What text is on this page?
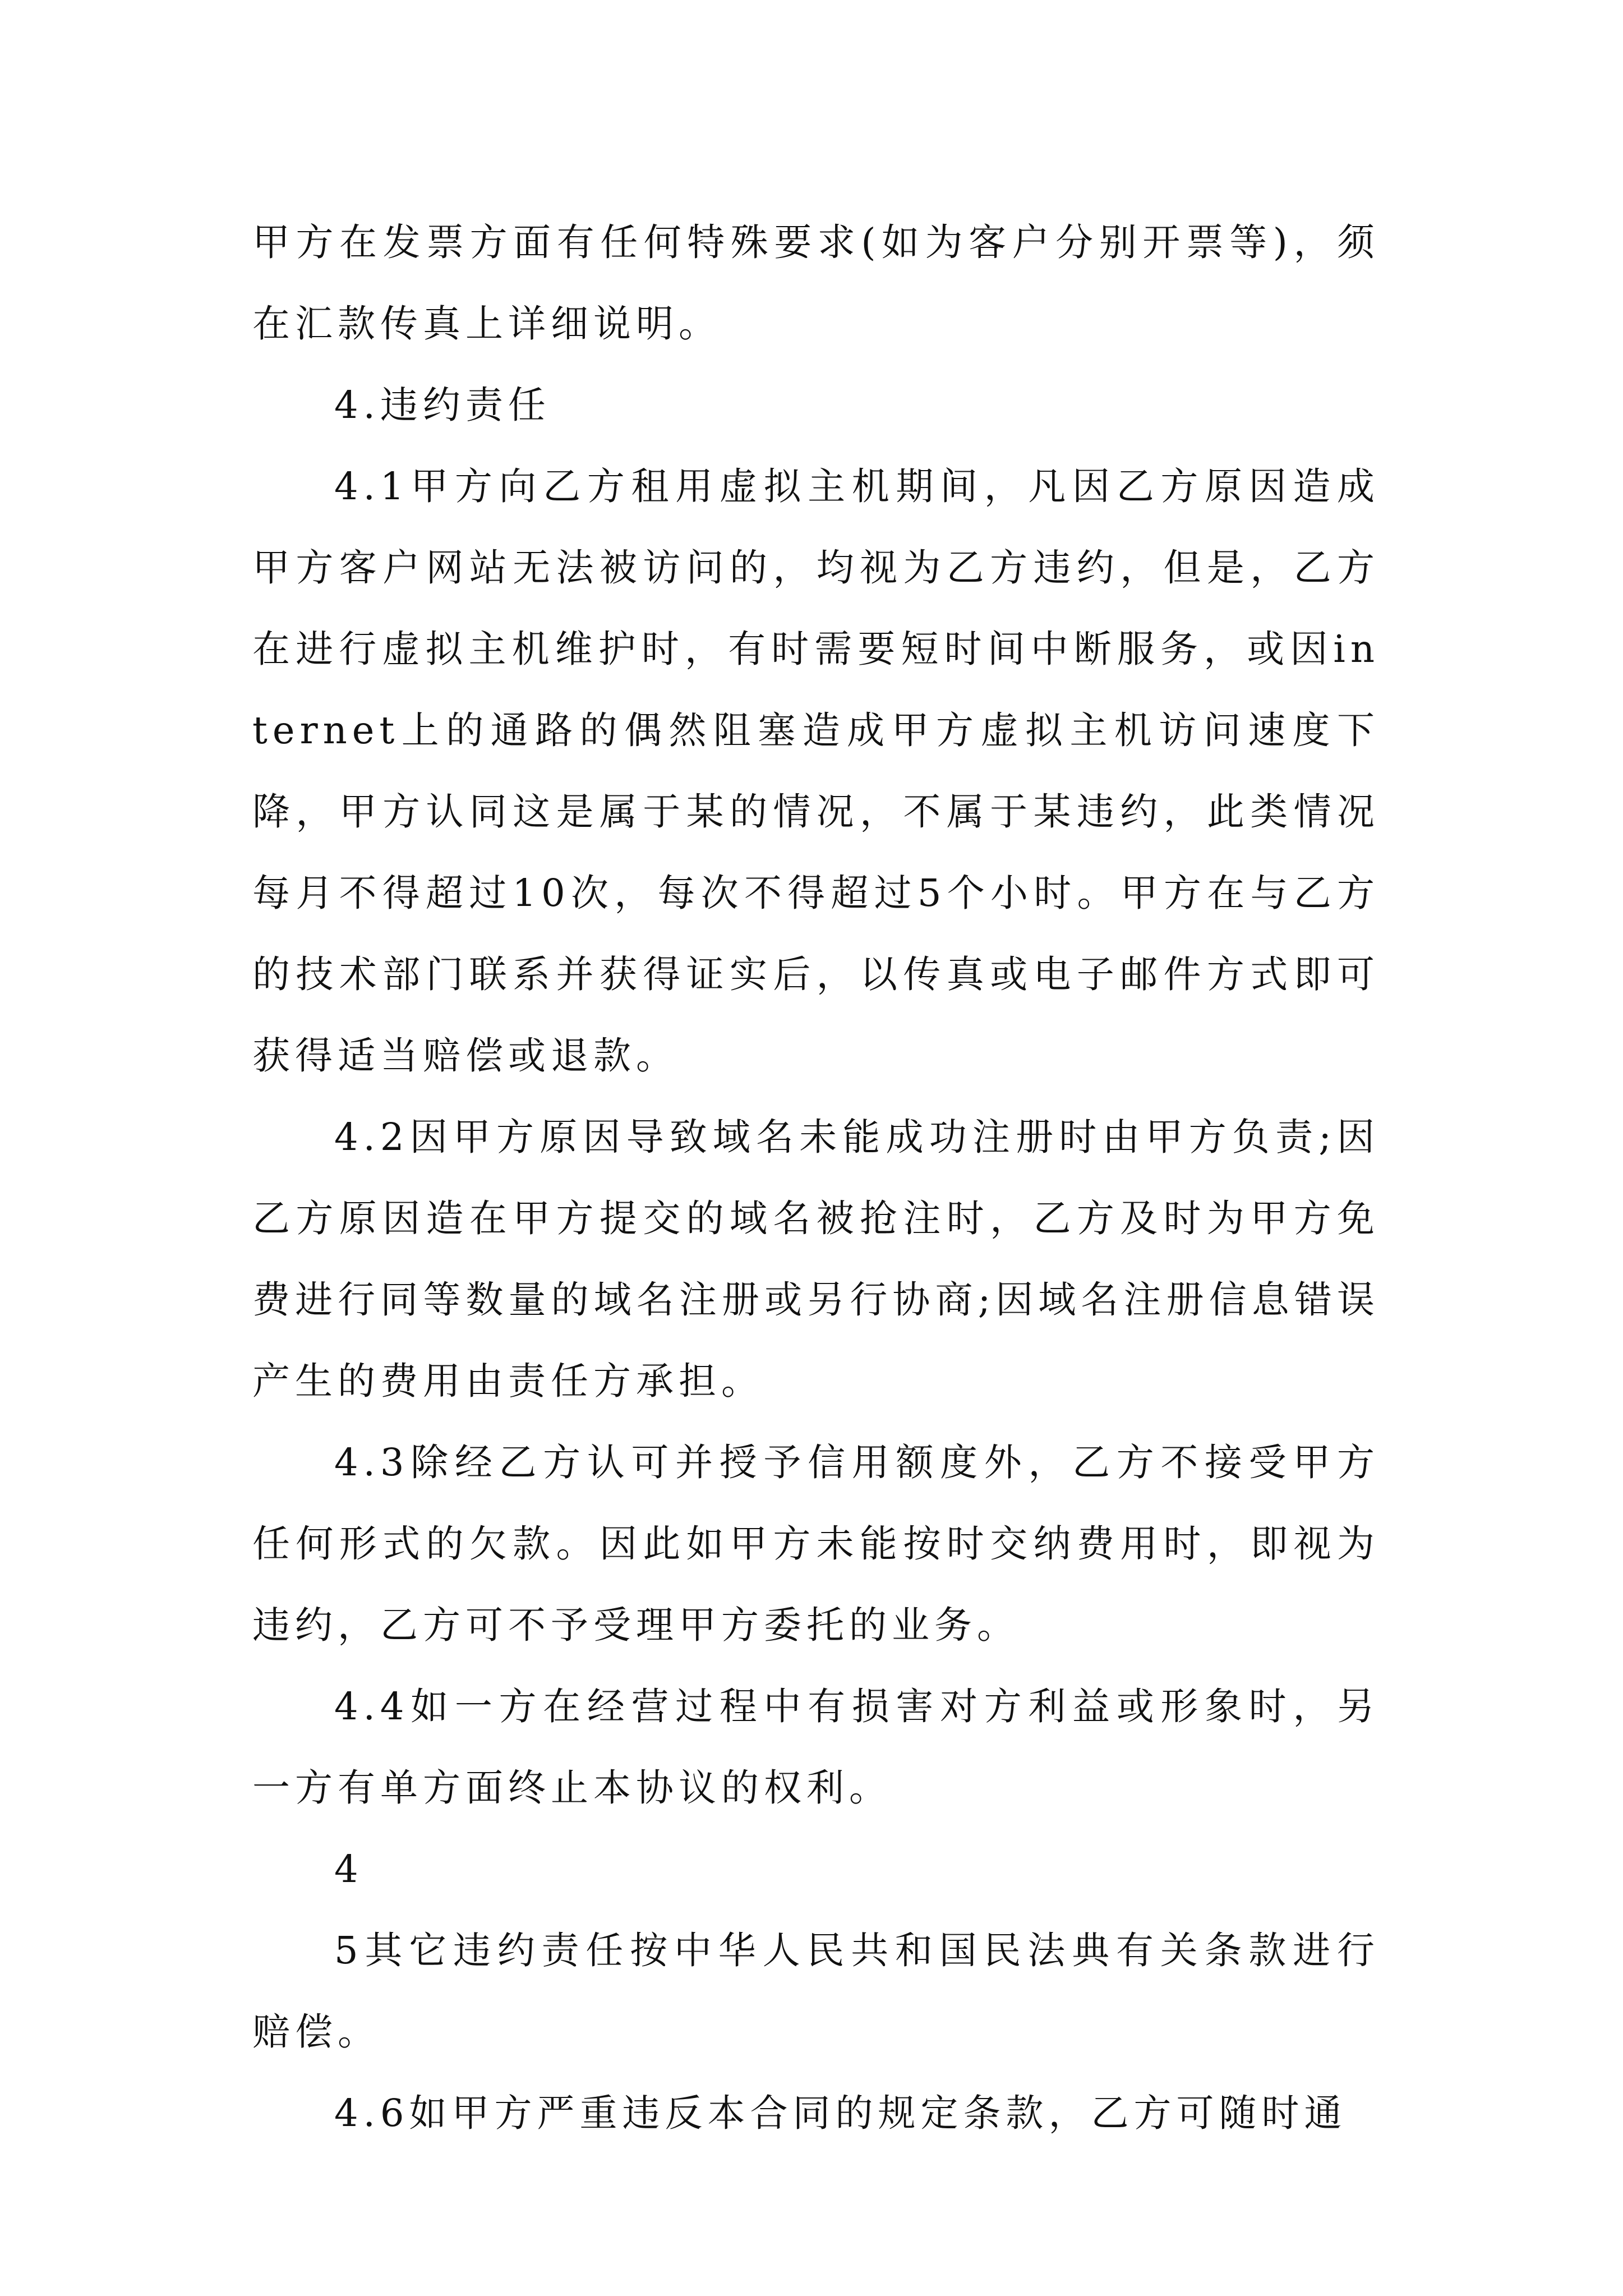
甲方在发票方面有任何特殊要求(如为客户分别开票等)，须在汇款传真上详细说明。

4.违约责任

4.1甲方向乙方租用虚拟主机期间，凡因乙方原因造成甲方客户网站无法被访问的，均视为乙方违约，但是，乙方在进行虚拟主机维护时，有时需要短时间中断服务，或因internet上的通路的偶然阻塞造成甲方虚拟主机访问速度下降，甲方认同这是属于某的情况，不属于某违约，此类情况每月不得超过10次，每次不得超过5个小时。甲方在与乙方的技术部门联系并获得证实后，以传真或电子邮件方式即可获得适当赔偿或退款。

4.2因甲方原因导致域名未能成功注册时由甲方负责;因乙方原因造在甲方提交的域名被抢注时，乙方及时为甲方免费进行同等数量的域名注册或另行协商;因域名注册信息错误产生的费用由责任方承担。

4.3除经乙方认可并授予信用额度外，乙方不接受甲方任何形式的欠款。因此如甲方未能按时交纳费用时，即视为违约，乙方可不予受理甲方委托的业务。

4.4如一方在经营过程中有损害对方利益或形象时，另一方有单方面终止本协议的权利。

4

5其它违约责任按中华人民共和国民法典有关条款进行赔偿。

4.6如甲方严重违反本合同的规定条款，乙方可随时通
